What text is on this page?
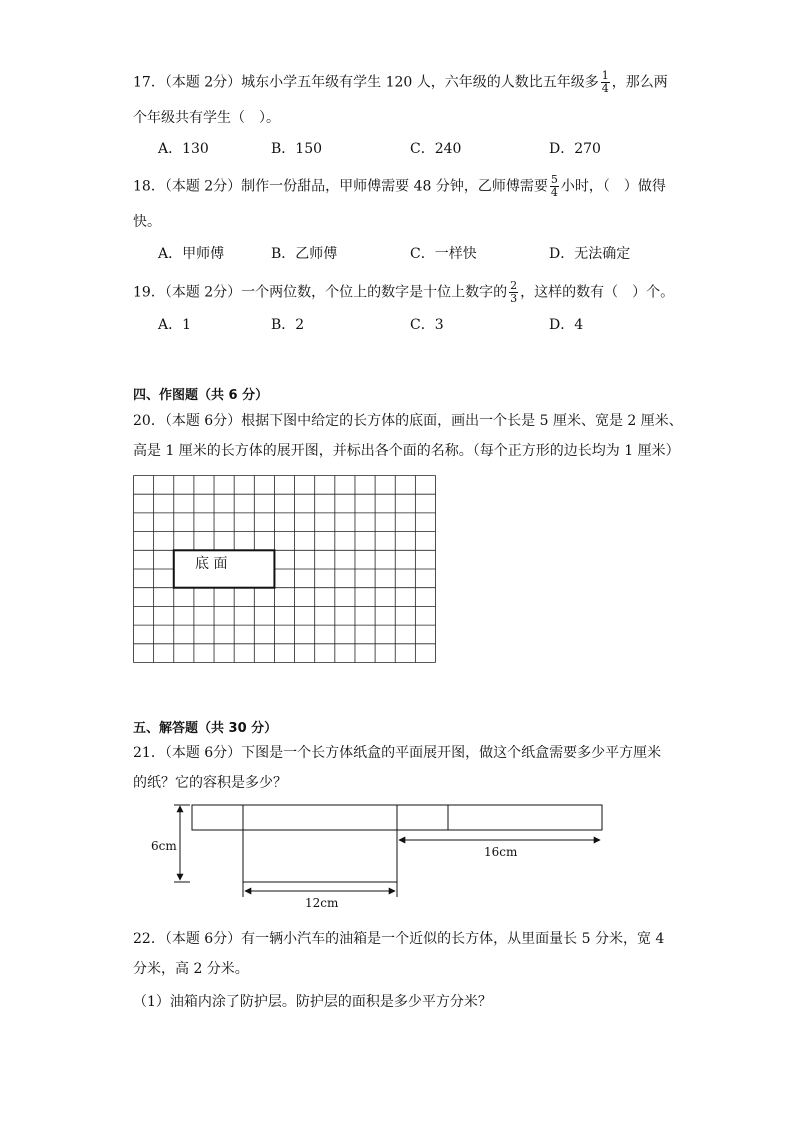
17．（本题 2分）城东小学五年级有学生 120 人，六年级的人数比五年级多 $\frac{1}{4}$ ，那么两
个年级共有学生（　）。
A．130	B．150	C．240	D．270
18．（本题 2分）制作一份甜品，甲师傅需要 48 分钟，乙师傅需要 $\frac{5}{4}$ 小时，（　）做得
快。
A．甲师傅	B．乙师傅	C．一样快	D．无法确定
19．（本题 2分）一个两位数，个位上的数字是十位上数字的 $\frac{2}{3}$ ，这样的数有（　）个。
A．1	B．2	C．3	D．4
四、作图题（共 6 分）
20．（本题 6分）根据下图中给定的长方体的底面，画出一个长是 5 厘米、宽是 2 厘米、
高是 1 厘米的长方体的展开图，并标出各个面的名称。（每个正方形的边长均为 1 厘米）
底 面
五、解答题（共 30 分）
21．（本题 6分）下图是一个长方体纸盒的平面展开图，做这个纸盒需要多少平方厘米
的纸？它的容积是多少？
6cm	16cm
12cm
22．（本题 6分）有一辆小汽车的油箱是一个近似的长方体，从里面量长 5 分米，宽 4
分米，高 2 分米。
（1）油箱内涂了防护层。防护层的面积是多少平方分米？
